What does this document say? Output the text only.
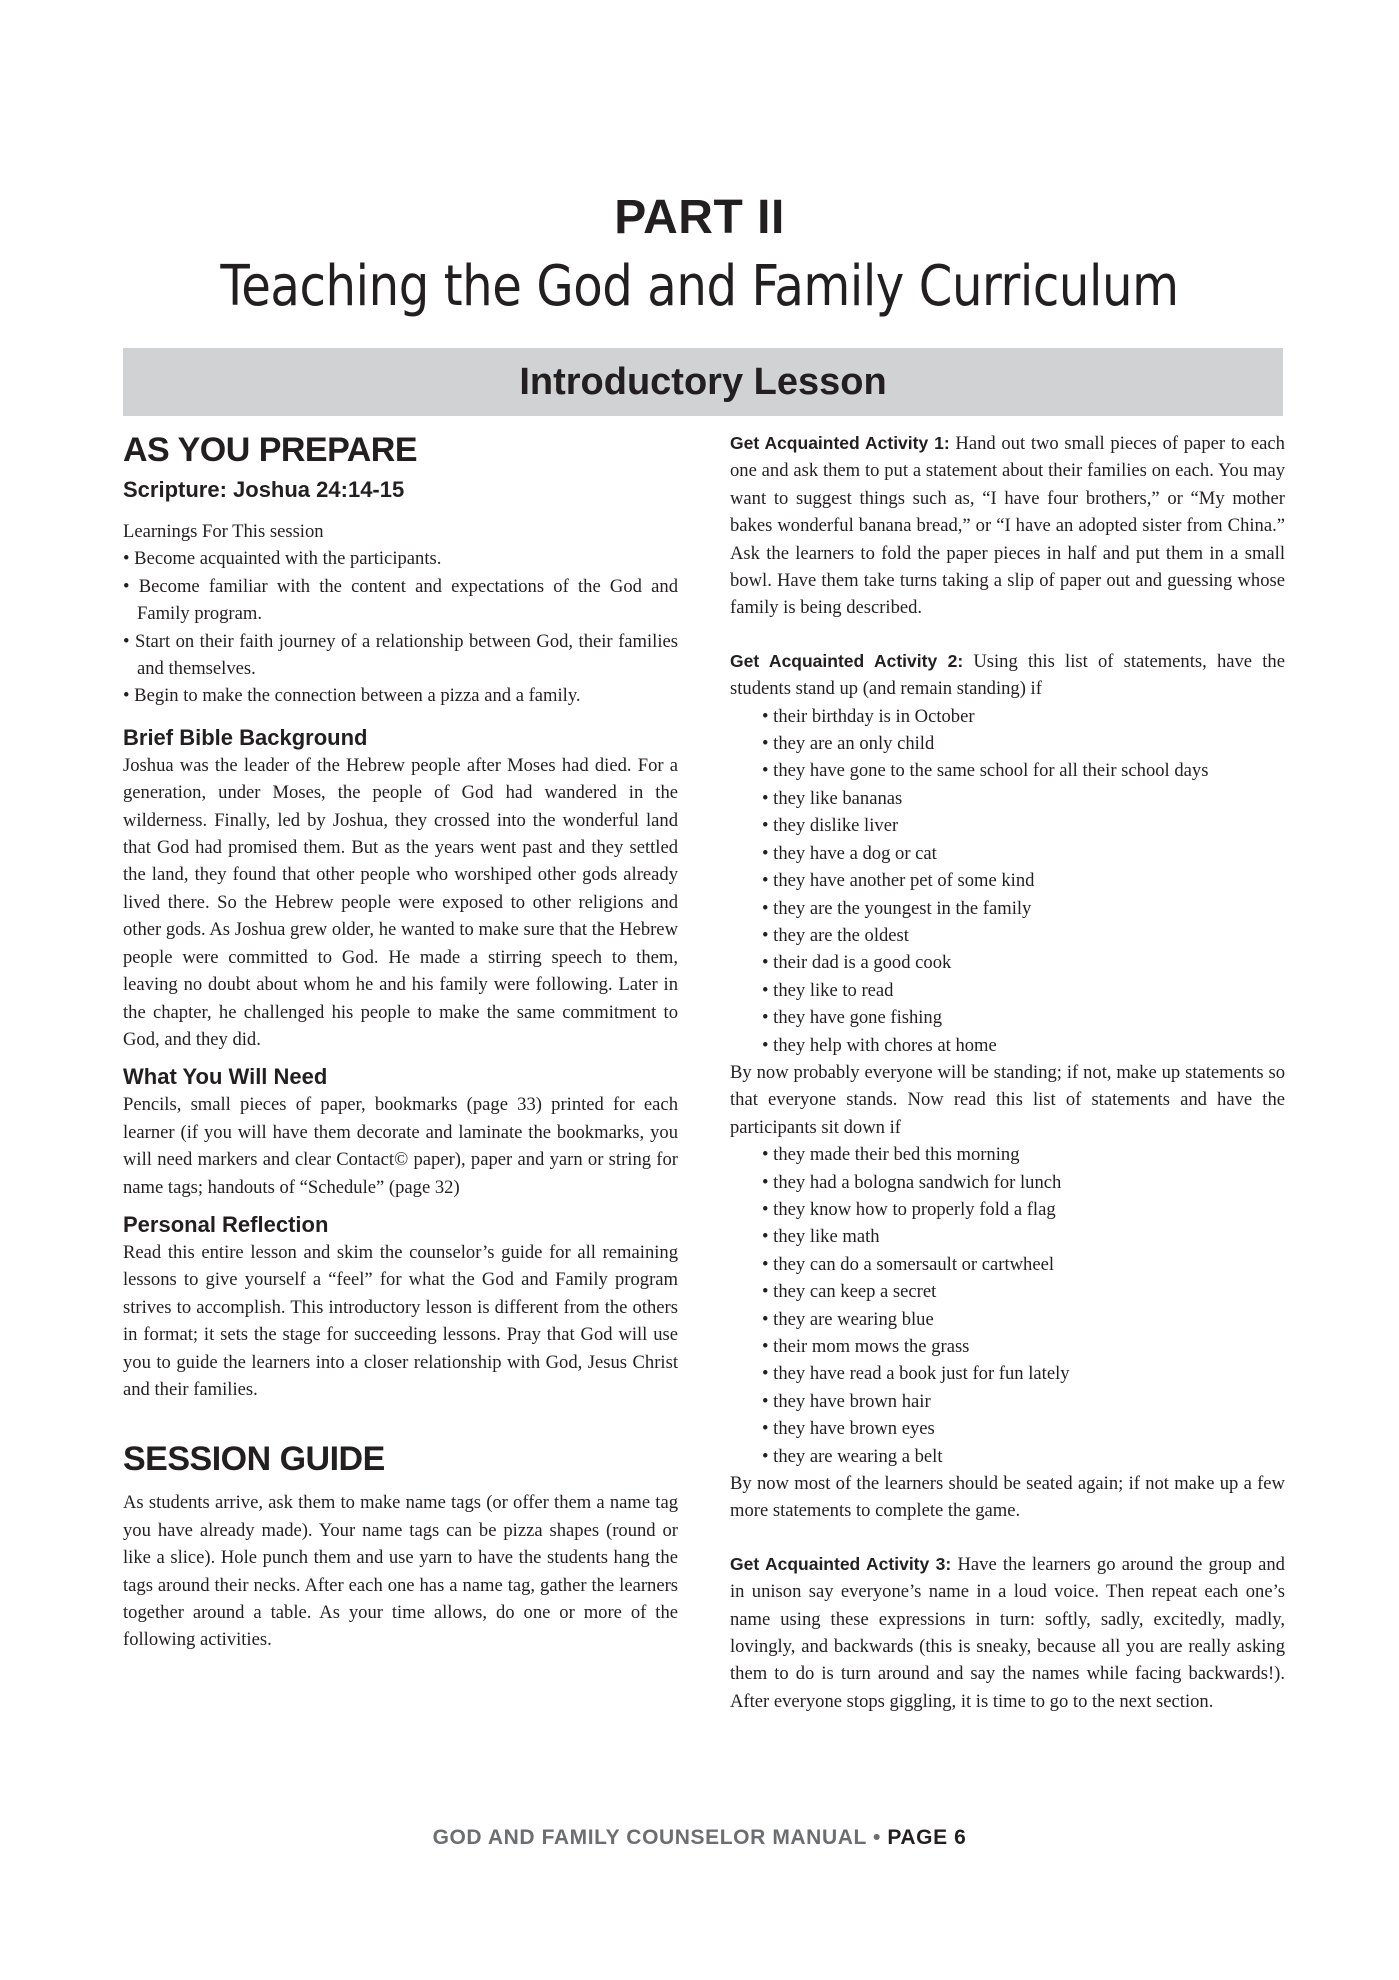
PART II
Teaching the God and Family Curriculum
Introductory Lesson
AS YOU PREPARE
Scripture: Joshua 24:14-15

Learnings For This session

• Become acquainted with the participants.

• Become familiar with the content and expectations of the God and Family program.

• Start on their faith journey of a relationship between God, their families and themselves.

• Begin to make the connection between a pizza and a family.

Brief Bible Background

Joshua was the leader of the Hebrew people after Moses had died. For a generation, under Moses, the people of God had wandered in the wilderness. Finally, led by Joshua, they crossed into the wonderful land that God had promised them. But as the years went past and they settled the land, they found that other people who worshiped other gods already lived there. So the Hebrew people were exposed to other religions and other gods. As Joshua grew older, he wanted to make sure that the Hebrew people were committed to God. He made a stirring speech to them, leaving no doubt about whom he and his family were following. Later in the chapter, he challenged his people to make the same commitment to God, and they did.

What You Will Need

Pencils, small pieces of paper, bookmarks (page 33) printed for each learner (if you will have them decorate and laminate the bookmarks, you will need markers and clear Contact© paper), paper and yarn or string for name tags; handouts of “Schedule” (page 32)

Personal Reflection

Read this entire lesson and skim the counselor’s guide for all remaining lessons to give yourself a “feel” for what the God and Family program strives to accomplish. This introductory lesson is different from the others in format; it sets the stage for succeeding lessons. Pray that God will use you to guide the learners into a closer relationship with God, Jesus Christ and their families.

SESSION GUIDE

As students arrive, ask them to make name tags (or offer them a name tag you have already made). Your name tags can be pizza shapes (round or like a slice). Hole punch them and use yarn to have the students hang the tags around their necks. After each one has a name tag, gather the learners together around a table. As your time allows, do one or more of the following activities.

Get Acquainted Activity 1: Hand out two small pieces of paper to each one and ask them to put a statement about their families on each. You may want to suggest things such as, “I have four brothers,” or “My mother bakes wonderful banana bread,” or “I have an adopted sister from China.” Ask the learners to fold the paper pieces in half and put them in a small bowl. Have them take turns taking a slip of paper out and guessing whose family is being described.

Get Acquainted Activity 2: Using this list of statements, have the students stand up (and remain standing) if

• their birthday is in October

• they are an only child

• they have gone to the same school for all their school days

• they like bananas

• they dislike liver

• they have a dog or cat

• they have another pet of some kind

• they are the youngest in the family

• they are the oldest

• their dad is a good cook

• they like to read

• they have gone fishing

• they help with chores at home

By now probably everyone will be standing; if not, make up statements so that everyone stands. Now read this list of statements and have the participants sit down if

• they made their bed this morning

• they had a bologna sandwich for lunch

• they know how to properly fold a flag

• they like math

• they can do a somersault or cartwheel

• they can keep a secret

• they are wearing blue

• their mom mows the grass

• they have read a book just for fun lately

• they have brown hair

• they have brown eyes

• they are wearing a belt

By now most of the learners should be seated again; if not make up a few more statements to complete the game.

Get Acquainted Activity 3: Have the learners go around the group and in unison say everyone’s name in a loud voice. Then repeat each one’s name using these expressions in turn: softly, sadly, excitedly, madly, lovingly, and backwards (this is sneaky, because all you are really asking them to do is turn around and say the names while facing backwards!). After everyone stops giggling, it is time to go to the next section.

GOD AND FAMILY COUNSELOR MANUAL • PAGE 6
